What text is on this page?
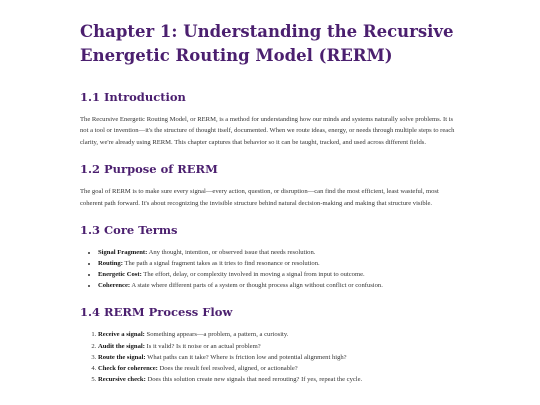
Chapter 1: Understanding the Recursive Energetic Routing Model (RERM)
1.1 Introduction

The Recursive Energetic Routing Model, or RERM, is a method for understanding how our minds and systems naturally solve problems. It is not a tool or invention—it's the structure of thought itself, documented. When we route ideas, energy, or needs through multiple steps to reach clarity, we're already using RERM. This chapter captures that behavior so it can be taught, tracked, and used across different fields.

1.2 Purpose of RERM

The goal of RERM is to make sure every signal—every action, question, or disruption—can find the most efficient, least wasteful, most coherent path forward. It's about recognizing the invisible structure behind natural decision-making and making that structure visible.

1.3 Core Terms
• Signal Fragment: Any thought, intention, or observed issue that needs resolution.
• Routing: The path a signal fragment takes as it tries to find resonance or resolution.
• Energetic Cost: The effort, delay, or complexity involved in moving a signal from input to outcome.
• Coherence: A state where different parts of a system or thought process align without conflict or confusion.
1.4 RERM Process Flow
1. Receive a signal: Something appears—a problem, a pattern, a curiosity.
2. Audit the signal: Is it valid? Is it noise or an actual problem?
3. Route the signal: What paths can it take? Where is friction low and potential alignment high?
4. Check for coherence: Does the result feel resolved, aligned, or actionable?
5. Recursive check: Does this solution create new signals that need rerouting? If yes, repeat the cycle.
